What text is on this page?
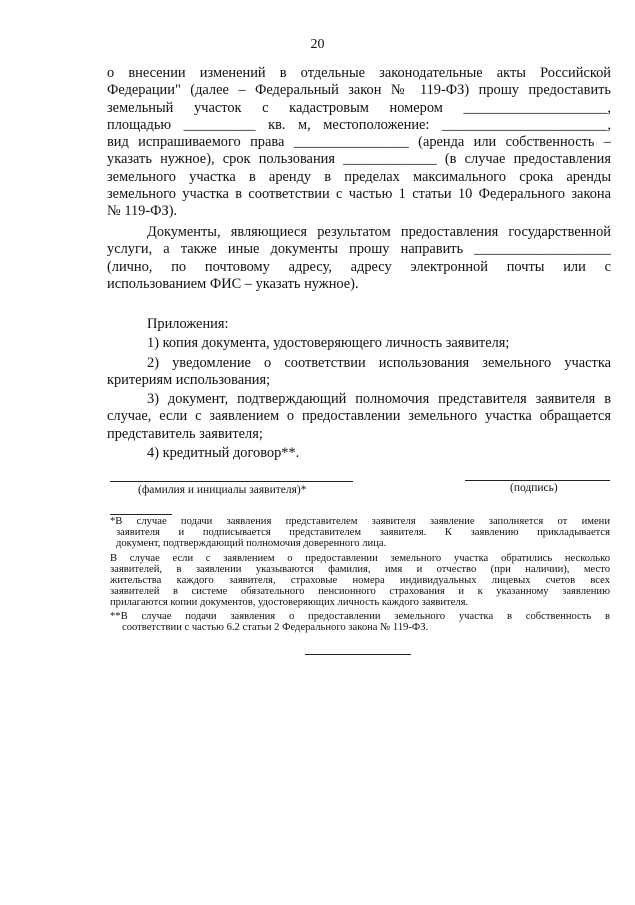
20
о внесении изменений в отдельные законодательные акты Российской
Федерации" (далее – Федеральный закон № 119-ФЗ) прошу предоставить
земельный участок с кадастровым номером ____________________,
площадью __________ кв. м, местоположение: _______________________,
вид испрашиваемого права ________________ (аренда или собственность –
указать нужное), срок пользования _____________ (в случае предоставления
земельного участка в аренду в пределах максимального срока аренды
земельного участка в соответствии с частью 1 статьи 10 Федерального закона
№ 119-ФЗ).
Документы, являющиеся результатом предоставления государственной
услуги, а также иные документы прошу направить ___________________
(лично, по почтовому адресу, адресу электронной почты или с
использованием ФИС – указать нужное).
Приложения:
1) копия документа, удостоверяющего личность заявителя;
2) уведомление о соответствии использования земельного участка
критериям использования;
3) документ, подтверждающий полномочия представителя заявителя в
случае, если с заявлением о предоставлении земельного участка обращается
представитель заявителя;
4) кредитный договор**.
(фамилия и инициалы заявителя)*	(подпись)
*В случае подачи заявления представителем заявителя заявление заполняется от имени
заявителя и подписывается представителем заявителя. К заявлению прикладывается
документ, подтверждающий полномочия доверенного лица.
В случае если с заявлением о предоставлении земельного участка обратились несколько
заявителей, в заявлении указываются фамилия, имя и отчество (при наличии), место
жительства каждого заявителя, страховые номера индивидуальных лицевых счетов всех
заявителей в системе обязательного пенсионного страхования и к указанному заявлению
прилагаются копии документов, удостоверяющих личность каждого заявителя.
**В случае подачи заявления о предоставлении земельного участка в собственность в
соответствии с частью 6.2 статьи 2 Федерального закона № 119-ФЗ.
